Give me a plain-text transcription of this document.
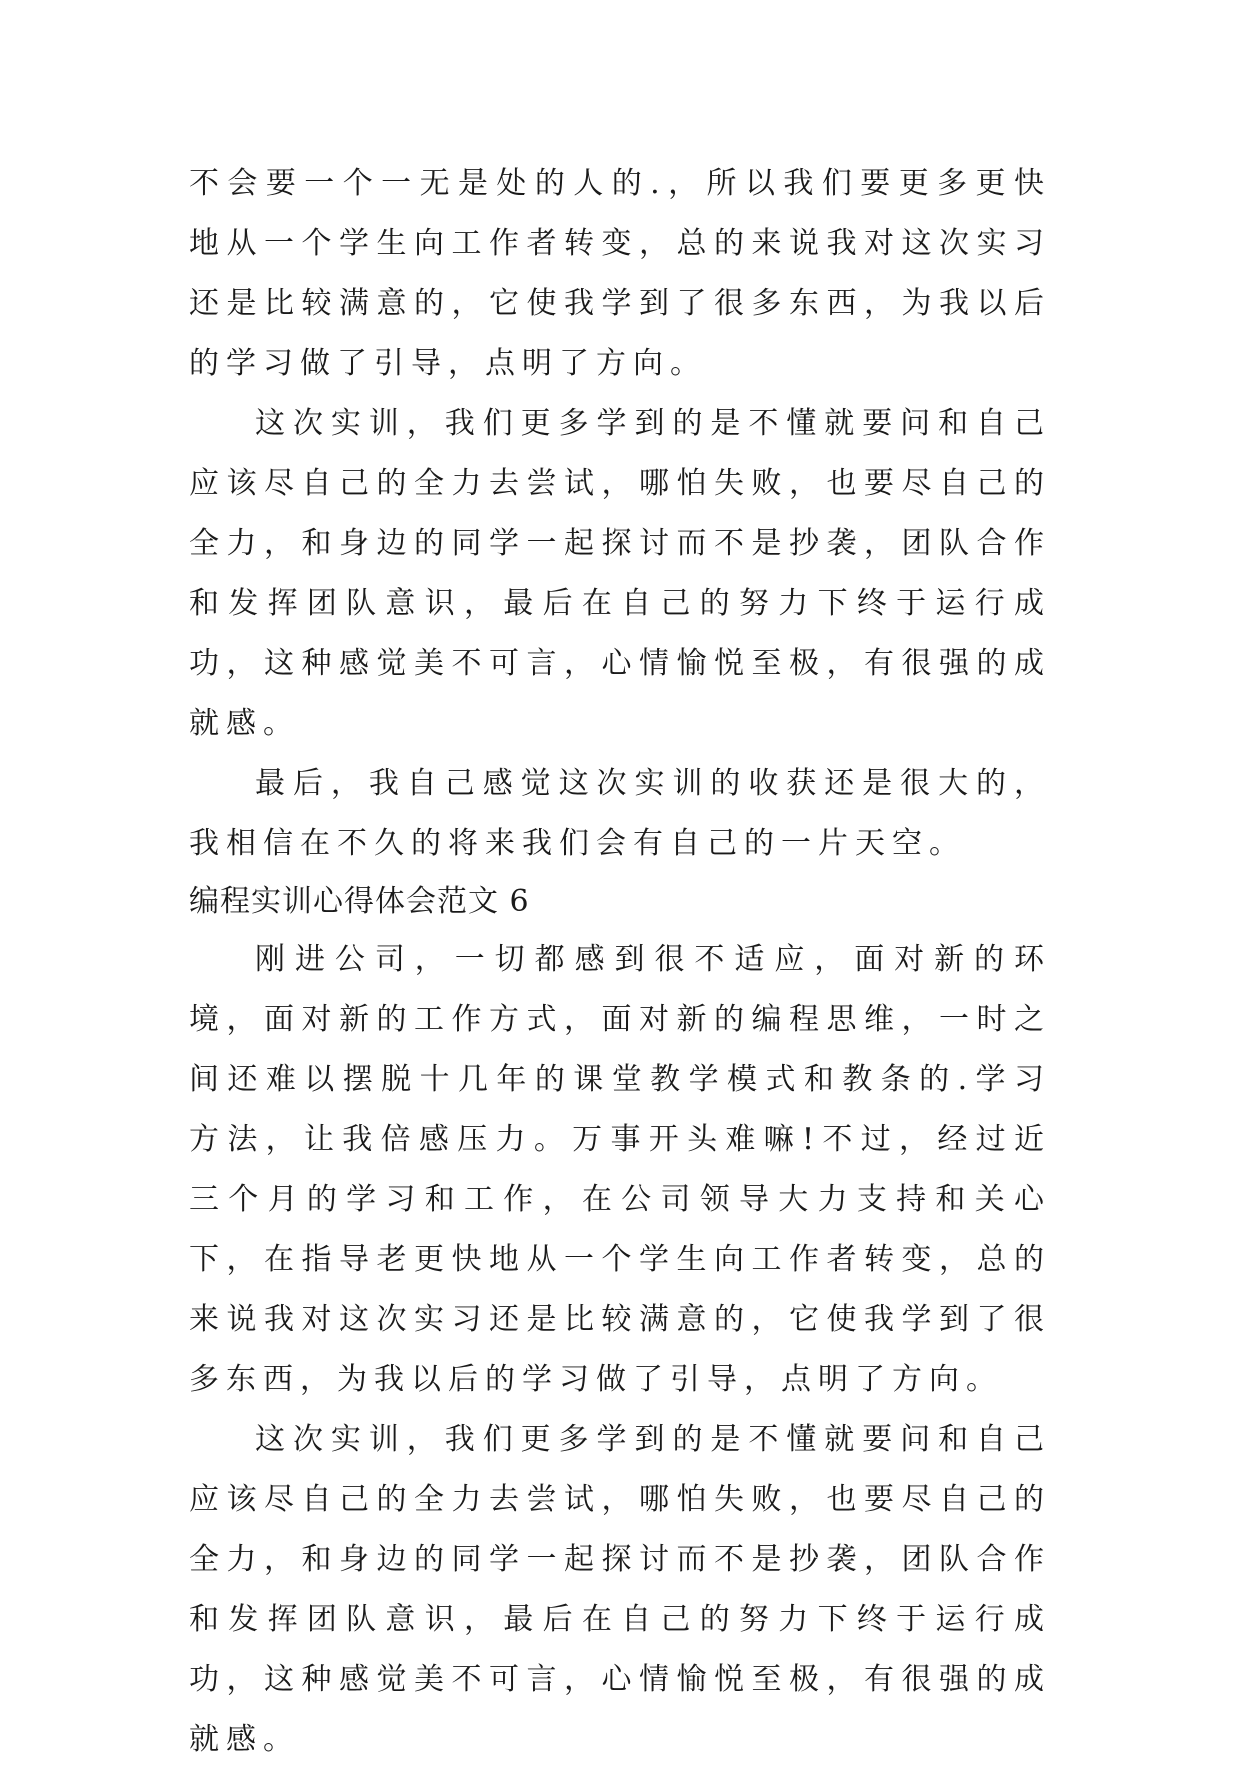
不会要一个一无是处的人的.，所以我们要更多更快地从一个学生向工作者转变，总的来说我对这次实习还是比较满意的，它使我学到了很多东西，为我以后的学习做了引导，点明了方向。

这次实训，我们更多学到的是不懂就要问和自己应该尽自己的全力去尝试，哪怕失败，也要尽自己的全力，和身边的同学一起探讨而不是抄袭，团队合作和发挥团队意识，最后在自己的努力下终于运行成功，这种感觉美不可言，心情愉悦至极，有很强的成就感。

最后，我自己感觉这次实训的收获还是很大的，我相信在不久的将来我们会有自己的一片天空。

编程实训心得体会范文 6

刚进公司，一切都感到很不适应，面对新的环境，面对新的工作方式，面对新的编程思维，一时之间还难以摆脱十几年的课堂教学模式和教条的.学习方法，让我倍感压力。万事开头难嘛!不过，经过近三个月的学习和工作，在公司领导大力支持和关心下，在指导老更快地从一个学生向工作者转变，总的来说我对这次实习还是比较满意的，它使我学到了很多东西，为我以后的学习做了引导，点明了方向。

这次实训，我们更多学到的是不懂就要问和自己应该尽自己的全力去尝试，哪怕失败，也要尽自己的全力，和身边的同学一起探讨而不是抄袭，团队合作和发挥团队意识，最后在自己的努力下终于运行成功，这种感觉美不可言，心情愉悦至极，有很强的成就感。
